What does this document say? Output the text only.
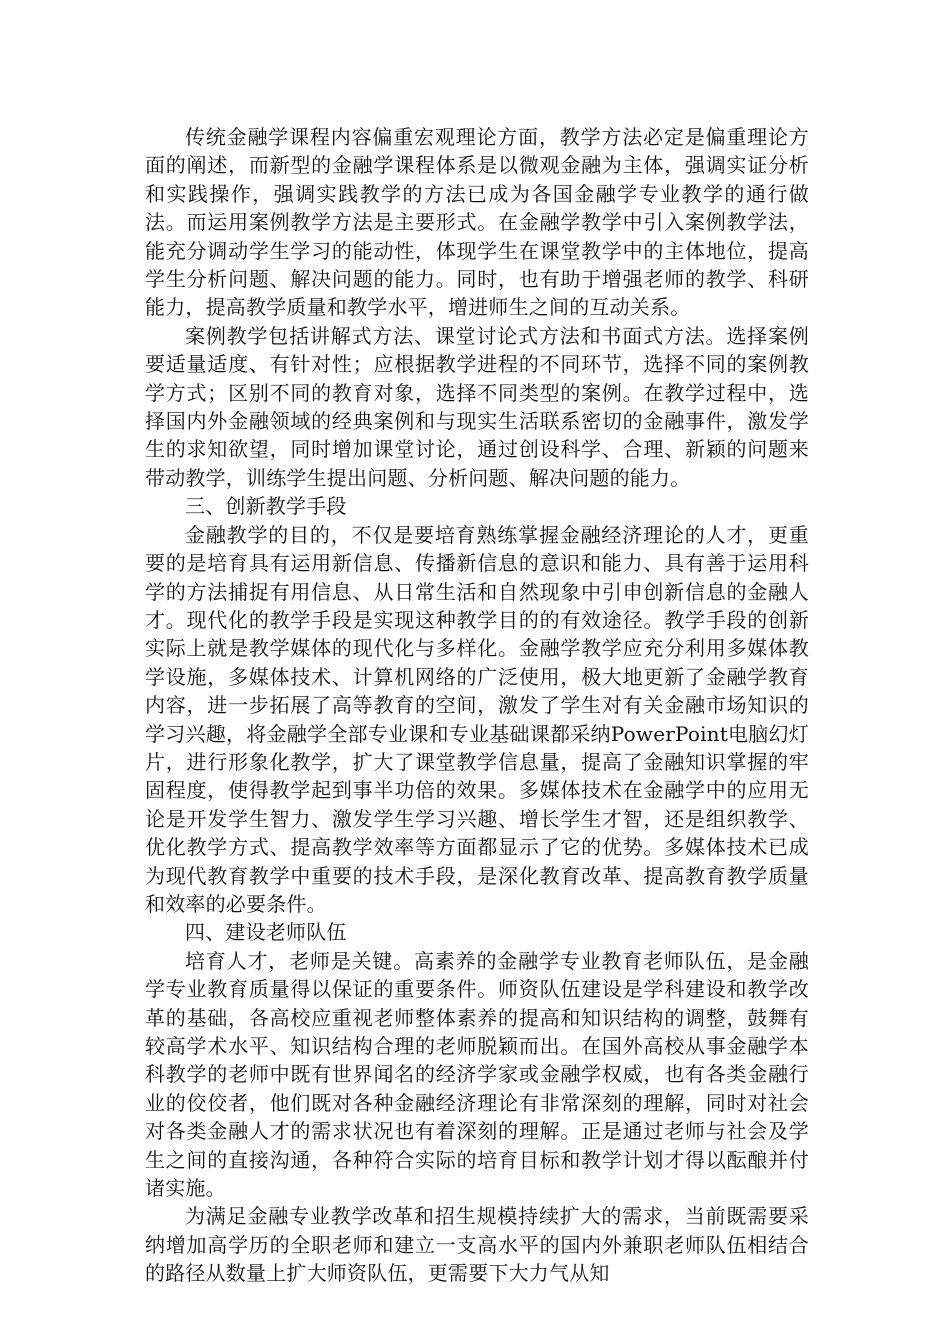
传统金融学课程内容偏重宏观理论方面，教学方法必定是偏重理论方面的阐述，而新型的金融学课程体系是以微观金融为主体，强调实证分析和实践操作，强调实践教学的方法已成为各国金融学专业教学的通行做法。而运用案例教学方法是主要形式。在金融学教学中引入案例教学法，能充分调动学生学习的能动性，体现学生在课堂教学中的主体地位，提高学生分析问题、解决问题的能力。同时，也有助于增强老师的教学、科研能力，提高教学质量和教学水平，增进师生之间的互动关系。

案例教学包括讲解式方法、课堂讨论式方法和书面式方法。选择案例要适量适度、有针对性；应根据教学进程的不同环节，选择不同的案例教学方式；区别不同的教育对象，选择不同类型的案例。在教学过程中，选择国内外金融领域的经典案例和与现实生活联系密切的金融事件，激发学生的求知欲望，同时增加课堂讨论，通过创设科学、合理、新颖的问题来带动教学，训练学生提出问题、分析问题、解决问题的能力。

三、创新教学手段

金融教学的目的，不仅是要培育熟练掌握金融经济理论的人才，更重要的是培育具有运用新信息、传播新信息的意识和能力、具有善于运用科学的方法捕捉有用信息、从日常生活和自然现象中引申创新信息的金融人才。现代化的教学手段是实现这种教学目的的有效途径。教学手段的创新实际上就是教学媒体的现代化与多样化。金融学教学应充分利用多媒体教学设施，多媒体技术、计算机网络的广泛使用，极大地更新了金融学教育内容，进一步拓展了高等教育的空间，激发了学生对有关金融市场知识的学习兴趣，将金融学全部专业课和专业基础课都采纳PowerPoint电脑幻灯片，进行形象化教学，扩大了课堂教学信息量，提高了金融知识掌握的牢固程度，使得教学起到事半功倍的效果。多媒体技术在金融学中的应用无论是开发学生智力、激发学生学习兴趣、增长学生才智，还是组织教学、优化教学方式、提高教学效率等方面都显示了它的优势。多媒体技术已成为现代教育教学中重要的技术手段，是深化教育改革、提高教育教学质量和效率的必要条件。

四、建设老师队伍

培育人才，老师是关键。高素养的金融学专业教育老师队伍，是金融学专业教育质量得以保证的重要条件。师资队伍建设是学科建设和教学改革的基础，各高校应重视老师整体素养的提高和知识结构的调整，鼓舞有较高学术水平、知识结构合理的老师脱颖而出。在国外高校从事金融学本科教学的老师中既有世界闻名的经济学家或金融学权威，也有各类金融行业的佼佼者，他们既对各种金融经济理论有非常深刻的理解，同时对社会对各类金融人才的需求状况也有着深刻的理解。正是通过老师与社会及学生之间的直接沟通，各种符合实际的培育目标和教学计划才得以酝酿并付诸实施。

为满足金融专业教学改革和招生规模持续扩大的需求，当前既需要采纳增加高学历的全职老师和建立一支高水平的国内外兼职老师队伍相结合的路径从数量上扩大师资队伍，更需要下大力气从知
